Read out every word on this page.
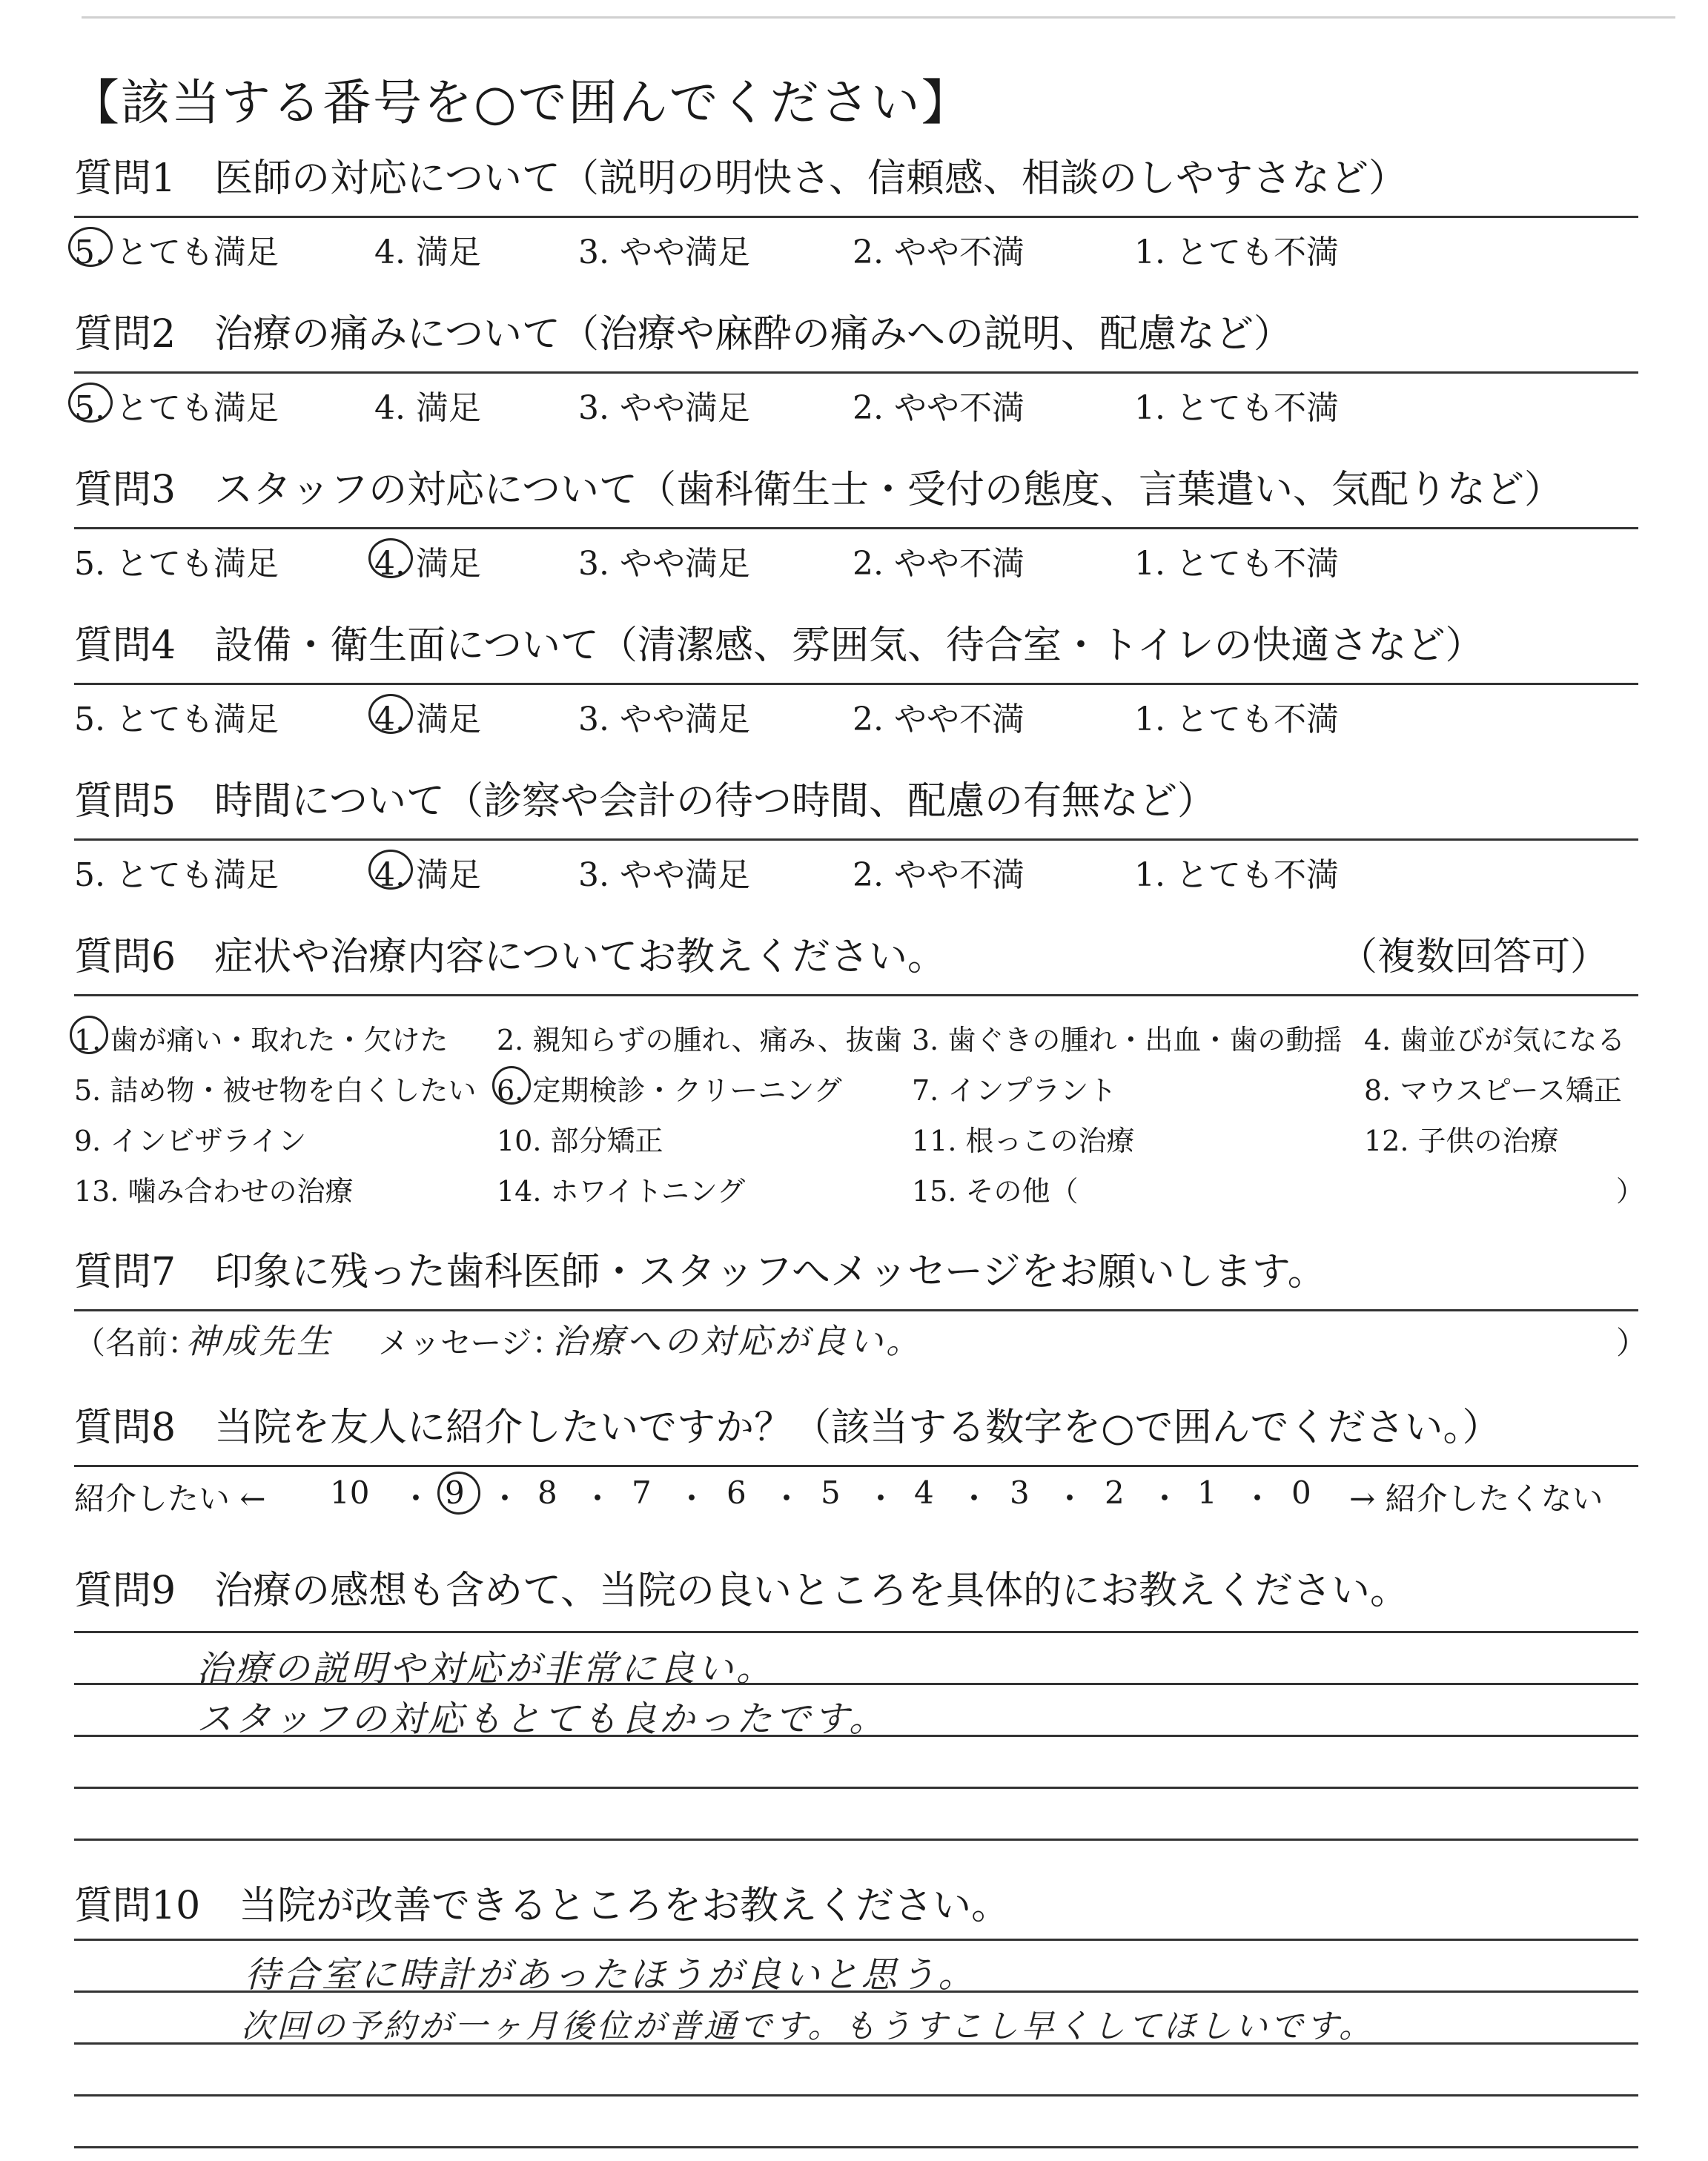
【該当する番号を○で囲んでください】
質問1　医師の対応について（説明の明快さ、信頼感、相談のしやすさなど）
5. とても満足	4. 満足	3. やや満足	2. やや不満	1. とても不満
質問2　治療の痛みについて（治療や麻酔の痛みへの説明、配慮など）
5. とても満足	4. 満足	3. やや満足	2. やや不満	1. とても不満
質問3　スタッフの対応について（歯科衛生士・受付の態度、言葉遣い、気配りなど）
5. とても満足	4. 満足	3. やや満足	2. やや不満	1. とても不満
質問4　設備・衛生面について（清潔感、雰囲気、待合室・トイレの快適さなど）
5. とても満足	4. 満足	3. やや満足	2. やや不満	1. とても不満
質問5　時間について（診察や会計の待つ時間、配慮の有無など）
5. とても満足	4. 満足	3. やや満足	2. やや不満	1. とても不満
質問6　症状や治療内容についてお教えください。	（複数回答可）
1. 歯が痛い・取れた・欠けた 2. 親知らずの腫れ、痛み、抜歯 3. 歯ぐきの腫れ・出血・歯の動揺 4. 歯並びが気になる
5. 詰め物・被せ物を白くしたい 6. 定期検診・クリーニング 7. インプラント	8. マウスピース矯正
9. インビザライン	10. 部分矯正	11. 根っこの治療	12. 子供の治療
13. 噛み合わせの治療	14. ホワイトニング	15. その他（	）
質問7　印象に残った歯科医師・スタッフへメッセージをお願いします。
（名前：
神成先生 メッセージ：
治療への対応が良い。	）
質問8　当院を友人に紹介したいですか？（該当する数字を○で囲んでください。）
紹介したい ← 10 ・ 9 ・ 8 ・ 7 ・ 6 ・ 5 ・ 4 ・ 3 ・ 2 ・ 1 ・ 0 → 紹介したくない
質問9　治療の感想も含めて、当院の良いところを具体的にお教えください。
治療の説明や対応が非常に良い。
スタッフの対応もとても良かったです。
質問10　当院が改善できるところをお教えください。
待合室に時計があったほうが良いと思う。
次回の予約が一ヶ月後位が普通です。もうすこし早くしてほしいです。
